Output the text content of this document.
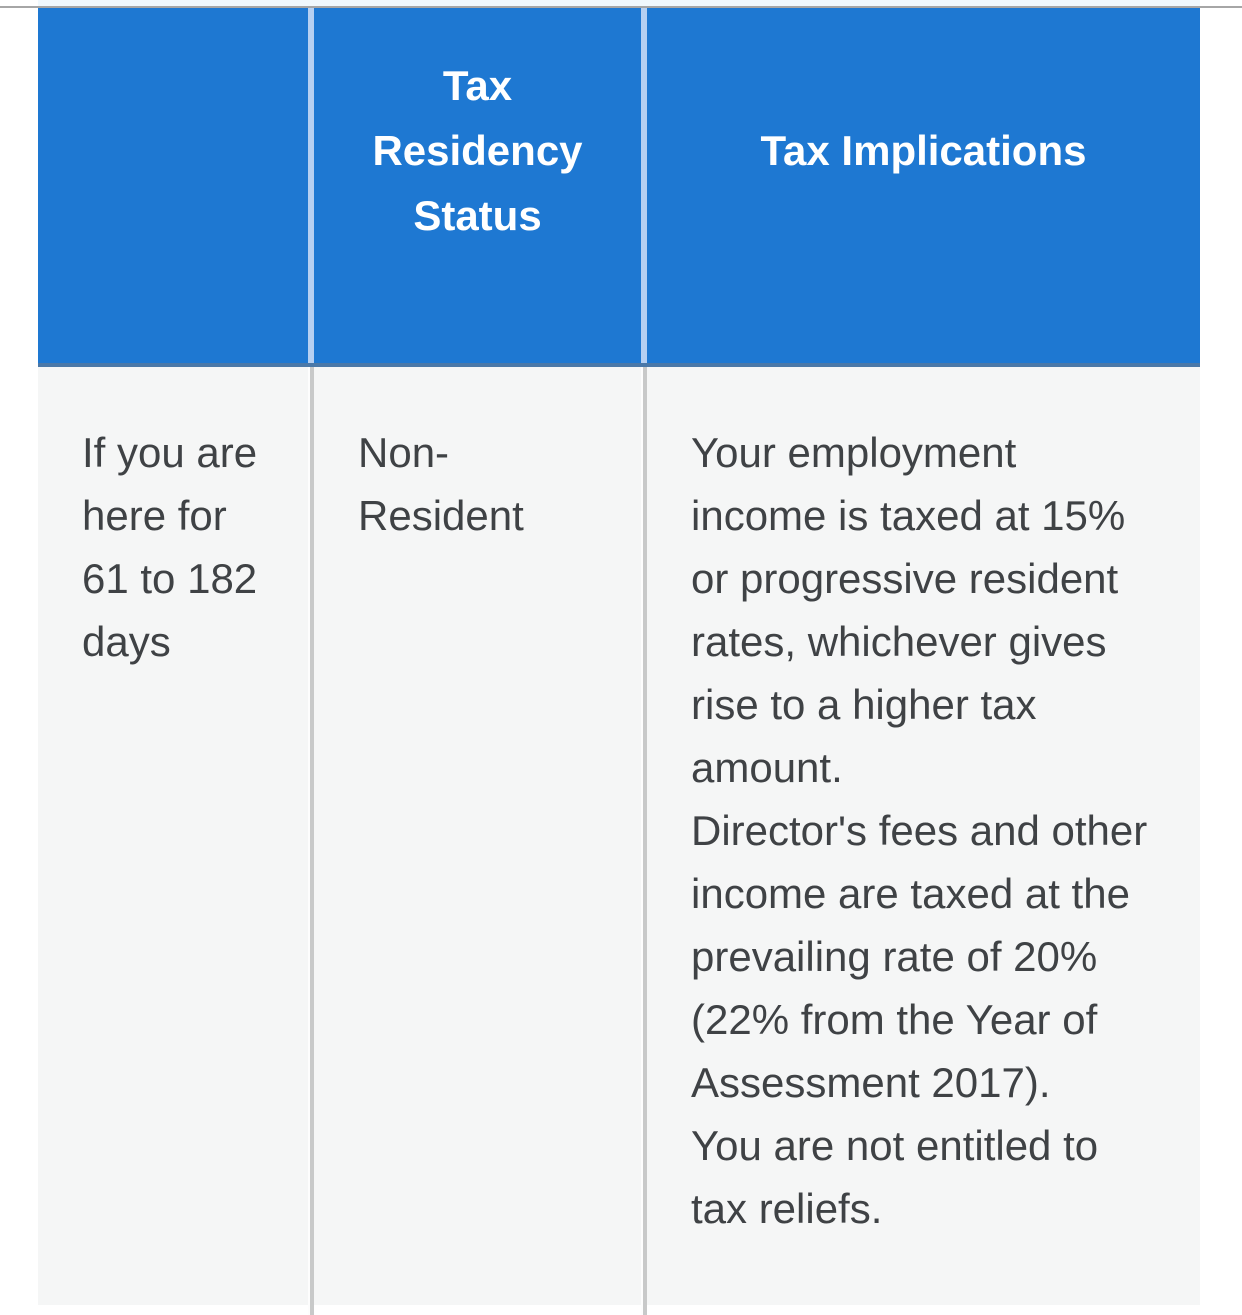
Tax
Residency
Status
Tax Implications
If you are
here for
61 to 182
days
Non-
Resident
Your employment
income is taxed at 15%
or progressive resident
rates, whichever gives
rise to a higher tax
amount.
Director's fees and other
income are taxed at the
prevailing rate of 20%
(22% from the Year of
Assessment 2017).
You are not entitled to
tax reliefs.
